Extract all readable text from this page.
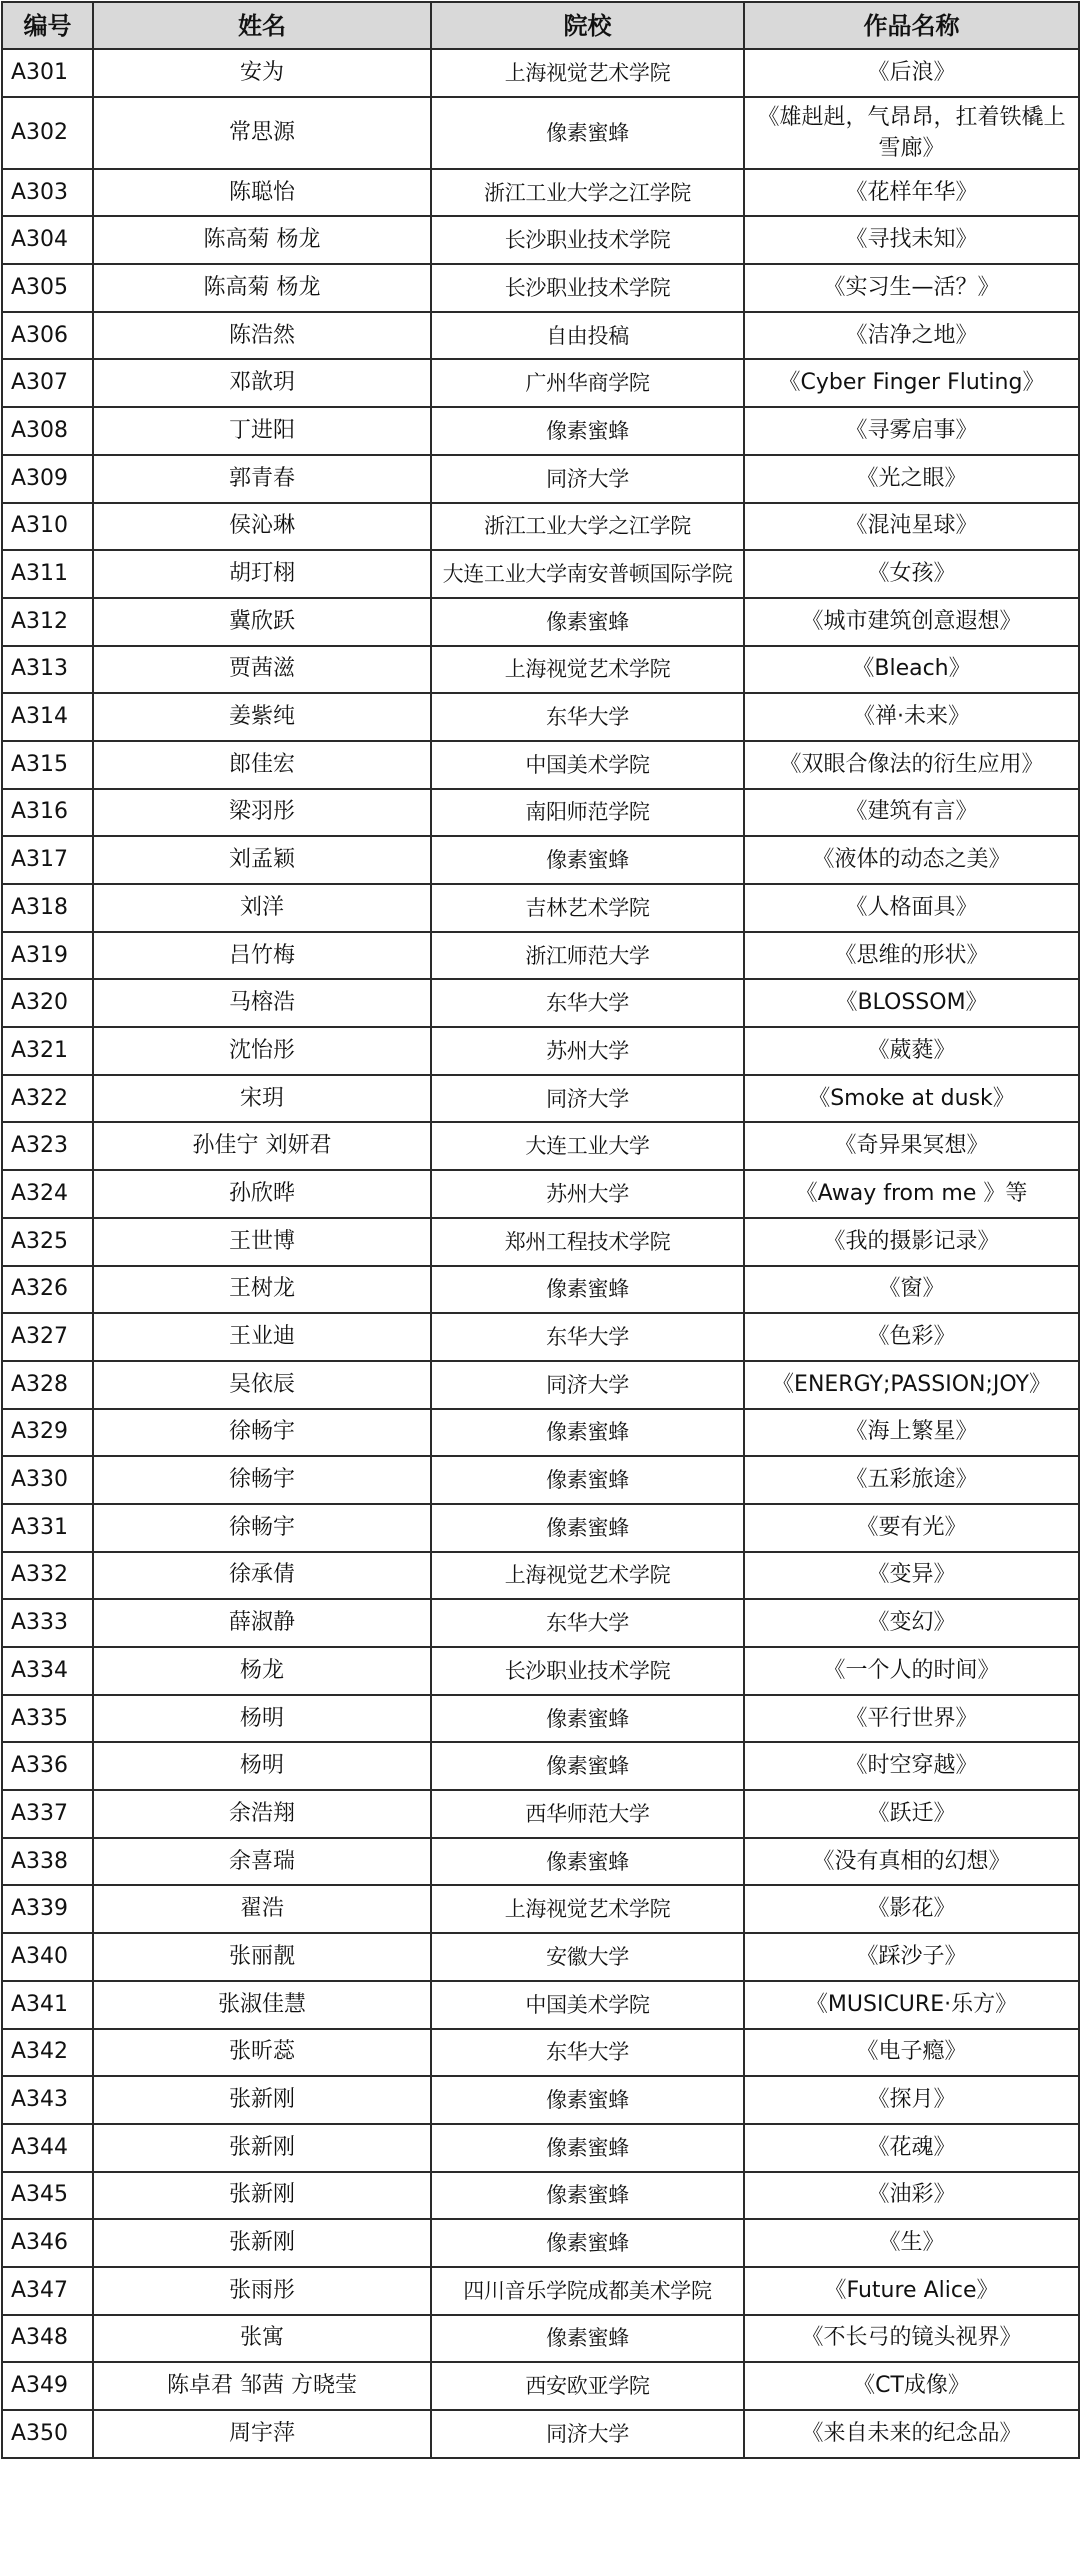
编号	姓名	院校	作品名称
A301	安为	上海视觉艺术学院	《后浪》
A302	常思源	像素蜜蜂	《雄赳赳，气昂昂，扛着铁橇上雪廊》
A303	陈聪怡	浙江工业大学之江学院	《花样年华》
A304	陈高菊 杨龙	长沙职业技术学院	《寻找未知》
A305	陈高菊 杨龙	长沙职业技术学院	《实习生—活？》
A306	陈浩然	自由投稿	《洁净之地》
A307	邓歆玥	广州华商学院	《Cyber Finger Fluting》
A308	丁进阳	像素蜜蜂	《寻雾启事》
A309	郭青春	同济大学	《光之眼》
A310	侯沁琳	浙江工业大学之江学院	《混沌星球》
A311	胡玎栩	大连工业大学南安普顿国际学院	《女孩》
A312	冀欣跃	像素蜜蜂	《城市建筑创意遐想》
A313	贾茜滋	上海视觉艺术学院	《Bleach》
A314	姜紫纯	东华大学	《禅·未来》
A315	郎佳宏	中国美术学院	《双眼合像法的衍生应用》
A316	梁羽彤	南阳师范学院	《建筑有言》
A317	刘孟颖	像素蜜蜂	《液体的动态之美》
A318	刘洋	吉林艺术学院	《人格面具》
A319	吕竹梅	浙江师范大学	《思维的形状》
A320	马榕浩	东华大学	《BLOSSOM》
A321	沈怡彤	苏州大学	《葳蕤》
A322	宋玥	同济大学	《Smoke at dusk》
A323	孙佳宁 刘妍君	大连工业大学	《奇异果冥想》
A324	孙欣晔	苏州大学	《Away from me 》等
A325	王世博	郑州工程技术学院	《我的摄影记录》
A326	王树龙	像素蜜蜂	《窗》
A327	王业迪	东华大学	《色彩》
A328	吴依辰	同济大学	《ENERGY;PASSION;JOY》
A329	徐畅宇	像素蜜蜂	《海上繁星》
A330	徐畅宇	像素蜜蜂	《五彩旅途》
A331	徐畅宇	像素蜜蜂	《要有光》
A332	徐承倩	上海视觉艺术学院	《变异》
A333	薛淑静	东华大学	《变幻》
A334	杨龙	长沙职业技术学院	《一个人的时间》
A335	杨明	像素蜜蜂	《平行世界》
A336	杨明	像素蜜蜂	《时空穿越》
A337	余浩翔	西华师范大学	《跃迁》
A338	余喜瑞	像素蜜蜂	《没有真相的幻想》
A339	翟浩	上海视觉艺术学院	《影花》
A340	张丽靓	安徽大学	《踩沙子》
A341	张淑佳慧	中国美术学院	《MUSICURE·乐方》
A342	张昕蕊	东华大学	《电子瘾》
A343	张新刚	像素蜜蜂	《探月》
A344	张新刚	像素蜜蜂	《花魂》
A345	张新刚	像素蜜蜂	《油彩》
A346	张新刚	像素蜜蜂	《生》
A347	张雨彤	四川音乐学院成都美术学院	《Future Alice》
A348	张寓	像素蜜蜂	《不长弓的镜头视界》
A349	陈卓君 邹茜 方晓莹	西安欧亚学院	《CT成像》
A350	周宇萍	同济大学	《来自未来的纪念品》
